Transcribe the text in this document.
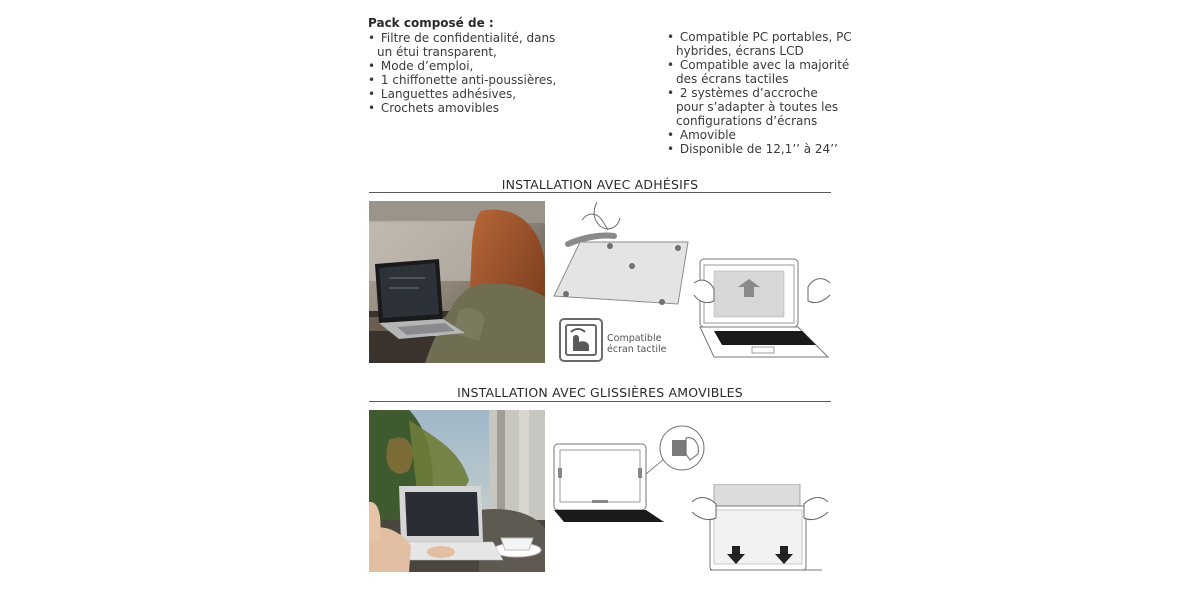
Pack composé de :
• Filtre de confidentialité, dans
un étui transparent,
• Mode d’emploi,
• 1 chiffonette anti-poussières,
• Languettes adhésives,
• Crochets amovibles
• Compatible PC portables, PC
hybrides, écrans LCD
• Compatible avec la majorité
des écrans tactiles
• 2 systèmes d’accroche
pour s’adapter à toutes les
configurations d’écrans
• Amovible
• Disponible de 12,1’’ à 24’’
INSTALLATION AVEC ADHÉSIFS
Compatible
écran tactile
INSTALLATION AVEC GLISSIÈRES AMOVIBLES
